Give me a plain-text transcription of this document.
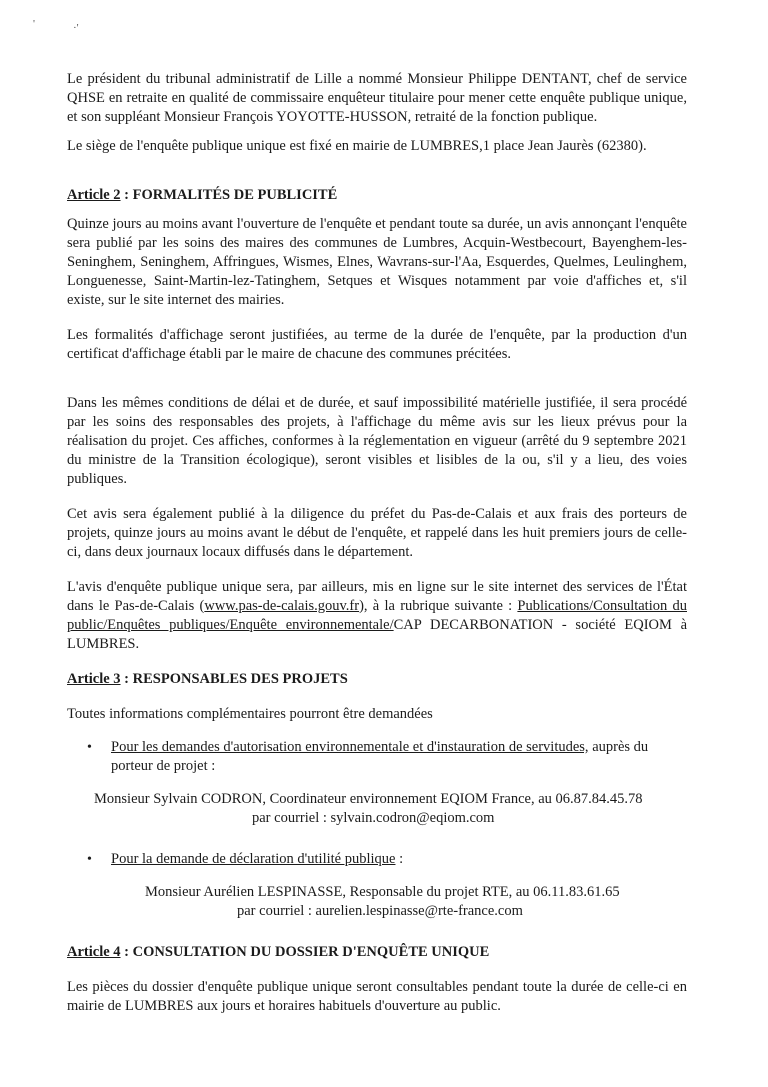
'	·'

Le président du tribunal administratif de Lille a nommé Monsieur Philippe DENTANT, chef de service QHSE en retraite en qualité de commissaire enquêteur titulaire pour mener cette enquête publique unique, et son suppléant Monsieur François YOYOTTE-HUSSON, retraité de la fonction publique.

Le siège de l'enquête publique unique est fixé en mairie de LUMBRES,1 place Jean Jaurès (62380).

Article 2 : FORMALITÉS DE PUBLICITÉ

Quinze jours au moins avant l'ouverture de l'enquête et pendant toute sa durée, un avis annonçant l'enquête sera publié par les soins des maires des communes de Lumbres, Acquin-Westbecourt, Bayenghem-les-Seninghem, Seninghem, Affringues, Wismes, Elnes, Wavrans-sur-l'Aa, Esquerdes, Quelmes, Leulinghem, Longuenesse, Saint-Martin-lez-Tatinghem, Setques et Wisques notamment par voie d'affiches et, s'il existe, sur le site internet des mairies.

Les formalités d'affichage seront justifiées, au terme de la durée de l'enquête, par la production d'un certificat d'affichage établi par le maire de chacune des communes précitées.

Dans les mêmes conditions de délai et de durée, et sauf impossibilité matérielle justifiée, il sera procédé par les soins des responsables des projets, à l'affichage du même avis sur les lieux prévus pour la réalisation du projet. Ces affiches, conformes à la réglementation en vigueur (arrêté du 9 septembre 2021 du ministre de la Transition écologique), seront visibles et lisibles de la ou, s'il y a lieu, des voies publiques.

Cet avis sera également publié à la diligence du préfet du Pas-de-Calais et aux frais des porteurs de projets, quinze jours au moins avant le début de l'enquête, et rappelé dans les huit premiers jours de celle-ci, dans deux journaux locaux diffusés dans le département.

L'avis d'enquête publique unique sera, par ailleurs, mis en ligne sur le site internet des services de l'État dans le Pas-de-Calais (www.pas-de-calais.gouv.fr), à la rubrique suivante : Publications/Consultation du public/Enquêtes publiques/Enquête environnementale/CAP DECARBONATION - société EQIOM à LUMBRES.

Article 3 : RESPONSABLES DES PROJETS

Toutes informations complémentaires pourront être demandées

•	Pour les demandes d'autorisation environnementale et d'instauration de servitudes, auprès du porteur de projet :
Monsieur Sylvain CODRON, Coordinateur environnement EQIOM France, au 06.87.84.45.78
par courriel : sylvain.codron@eqiom.com
•	Pour la demande de déclaration d'utilité publique :
Monsieur Aurélien LESPINASSE, Responsable du projet RTE, au 06.11.83.61.65
par courriel : aurelien.lespinasse@rte-france.com
Article 4 : CONSULTATION DU DOSSIER D'ENQUÊTE UNIQUE

Les pièces du dossier d'enquête publique unique seront consultables pendant toute la durée de celle-ci en mairie de LUMBRES aux jours et horaires habituels d'ouverture au public.
